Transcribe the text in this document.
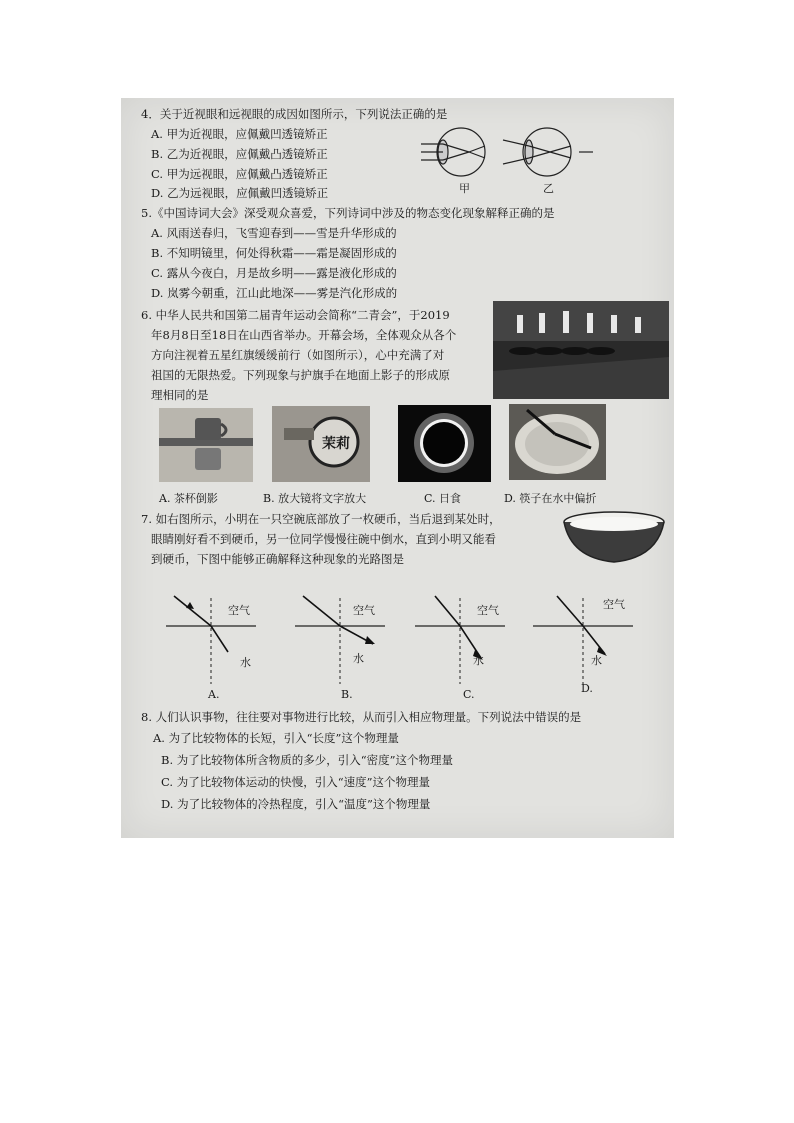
4．关于近视眼和远视眼的成因如图所示，下列说法正确的是
A. 甲为近视眼，应佩戴凹透镜矫正
B. 乙为近视眼，应佩戴凸透镜矫正
C. 甲为远视眼，应佩戴凸透镜矫正
D. 乙为远视眼，应佩戴凹透镜矫正	甲	乙
5.《中国诗词大会》深受观众喜爱，下列诗词中涉及的物态变化现象解释正确的是
A. 风雨送春归，飞雪迎春到——雪是升华形成的
B. 不知明镜里，何处得秋霜——霜是凝固形成的
C. 露从今夜白，月是故乡明——露是液化形成的
D. 岚雾今朝重，江山此地深——雾是汽化形成的
6. 中华人民共和国第二届青年运动会简称“二青会”，于2019
年8月8日至18日在山西省举办。开幕会场，全体观众从各个
方向注视着五星红旗缓缓前行（如图所示），心中充满了对
祖国的无限热爱。下列现象与护旗手在地面上影子的形成原
理相同的是
茉莉
A. 茶杯倒影	B. 放大镜将文字放大	C. 日食	D. 筷子在水中偏折
7. 如右图所示，小明在一只空碗底部放了一枚硬币，当后退到某处时，
眼睛刚好看不到硬币，另一位同学慢慢往碗中倒水，直到小明又能看
到硬币，下图中能够正确解释这种现象的光路图是
空气
水
A.
空气
水
B.
空气
水
C.
空气
水
D.
8. 人们认识事物，往往要对事物进行比较，从而引入相应物理量。下列说法中错误的是
A. 为了比较物体的长短，引入“长度”这个物理量
B. 为了比较物体所含物质的多少，引入“密度”这个物理量
C. 为了比较物体运动的快慢，引入“速度”这个物理量
D. 为了比较物体的冷热程度，引入“温度”这个物理量
